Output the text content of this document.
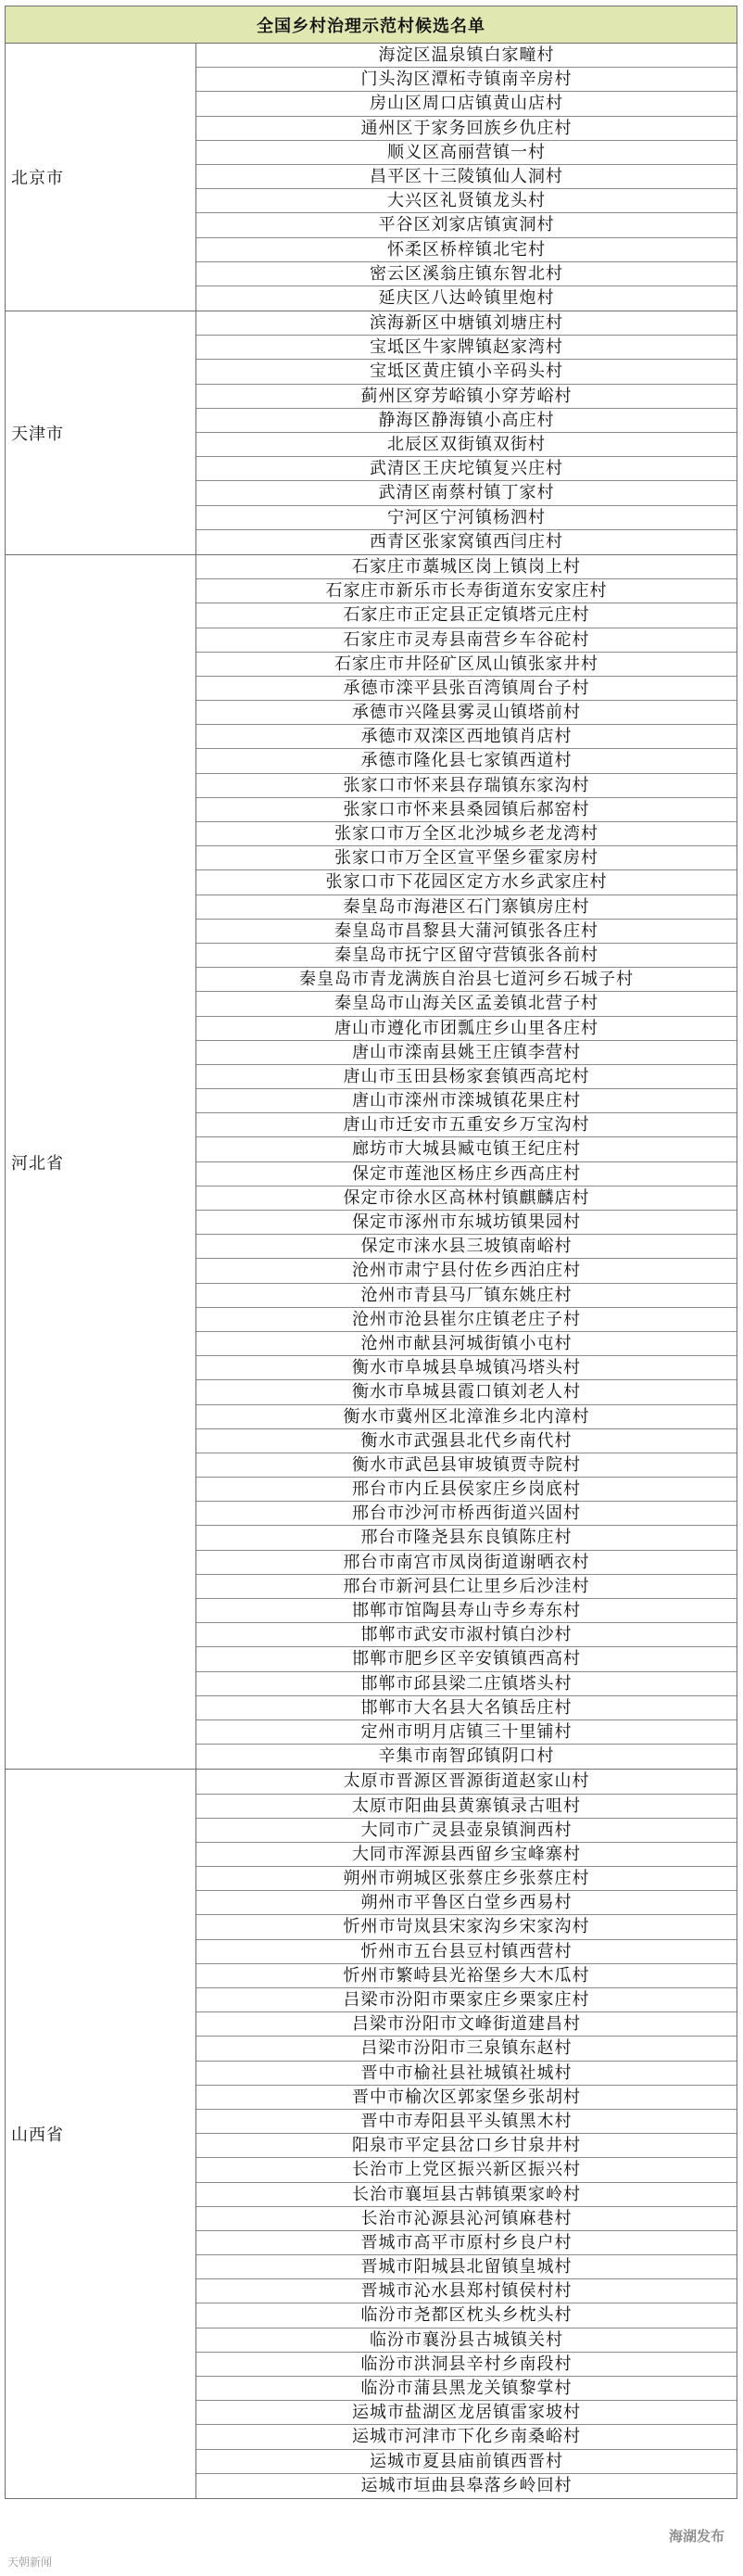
全国乡村治理示范村候选名单
北京市
海淀区温泉镇白家疃村
门头沟区潭柘寺镇南辛房村
房山区周口店镇黄山店村
通州区于家务回族乡仇庄村
顺义区高丽营镇一村
昌平区十三陵镇仙人洞村
大兴区礼贤镇龙头村
平谷区刘家店镇寅洞村
怀柔区桥梓镇北宅村
密云区溪翁庄镇东智北村
延庆区八达岭镇里炮村
天津市
滨海新区中塘镇刘塘庄村
宝坻区牛家牌镇赵家湾村
宝坻区黄庄镇小辛码头村
蓟州区穿芳峪镇小穿芳峪村
静海区静海镇小高庄村
北辰区双街镇双街村
武清区王庆坨镇复兴庄村
武清区南蔡村镇丁家村
宁河区宁河镇杨泗村
西青区张家窝镇西闫庄村
河北省
石家庄市藁城区岗上镇岗上村
石家庄市新乐市长寿街道东安家庄村
石家庄市正定县正定镇塔元庄村
石家庄市灵寿县南营乡车谷砣村
石家庄市井陉矿区凤山镇张家井村
承德市滦平县张百湾镇周台子村
承德市兴隆县雾灵山镇塔前村
承德市双滦区西地镇肖店村
承德市隆化县七家镇西道村
张家口市怀来县存瑞镇东家沟村
张家口市怀来县桑园镇后郝窑村
张家口市万全区北沙城乡老龙湾村
张家口市万全区宣平堡乡霍家房村
张家口市下花园区定方水乡武家庄村
秦皇岛市海港区石门寨镇房庄村
秦皇岛市昌黎县大蒲河镇张各庄村
秦皇岛市抚宁区留守营镇张各前村
秦皇岛市青龙满族自治县七道河乡石城子村
秦皇岛市山海关区孟姜镇北营子村
唐山市遵化市团瓢庄乡山里各庄村
唐山市滦南县姚王庄镇李营村
唐山市玉田县杨家套镇西高坨村
唐山市滦州市滦城镇花果庄村
唐山市迁安市五重安乡万宝沟村
廊坊市大城县臧屯镇王纪庄村
保定市莲池区杨庄乡西高庄村
保定市徐水区高林村镇麒麟店村
保定市涿州市东城坊镇果园村
保定市涞水县三坡镇南峪村
沧州市肃宁县付佐乡西泊庄村
沧州市青县马厂镇东姚庄村
沧州市沧县崔尔庄镇老庄子村
沧州市献县河城街镇小屯村
衡水市阜城县阜城镇冯塔头村
衡水市阜城县霞口镇刘老人村
衡水市冀州区北漳淮乡北内漳村
衡水市武强县北代乡南代村
衡水市武邑县审坡镇贾寺院村
邢台市内丘县侯家庄乡岗底村
邢台市沙河市桥西街道兴固村
邢台市隆尧县东良镇陈庄村
邢台市南宫市凤岗街道谢晒衣村
邢台市新河县仁让里乡后沙洼村
邯郸市馆陶县寿山寺乡寿东村
邯郸市武安市淑村镇白沙村
邯郸市肥乡区辛安镇镇西高村
邯郸市邱县梁二庄镇塔头村
邯郸市大名县大名镇岳庄村
定州市明月店镇三十里铺村
辛集市南智邱镇阴口村
山西省
太原市晋源区晋源街道赵家山村
太原市阳曲县黄寨镇录古咀村
大同市广灵县壶泉镇涧西村
大同市浑源县西留乡宝峰寨村
朔州市朔城区张蔡庄乡张蔡庄村
朔州市平鲁区白堂乡西易村
忻州市岢岚县宋家沟乡宋家沟村
忻州市五台县豆村镇西营村
忻州市繁峙县光裕堡乡大木瓜村
吕梁市汾阳市栗家庄乡栗家庄村
吕梁市汾阳市文峰街道建昌村
吕梁市汾阳市三泉镇东赵村
晋中市榆社县社城镇社城村
晋中市榆次区郭家堡乡张胡村
晋中市寿阳县平头镇黑木村
阳泉市平定县岔口乡甘泉井村
长治市上党区振兴新区振兴村
长治市襄垣县古韩镇栗家岭村
长治市沁源县沁河镇麻巷村
晋城市高平市原村乡良户村
晋城市阳城县北留镇皇城村
晋城市沁水县郑村镇侯村村
临汾市尧都区枕头乡枕头村
临汾市襄汾县古城镇关村
临汾市洪洞县辛村乡南段村
临汾市蒲县黑龙关镇黎掌村
运城市盐湖区龙居镇雷家坡村
运城市河津市下化乡南桑峪村
运城市夏县庙前镇西晋村
运城市垣曲县皋落乡岭回村
天朝新闻
海湖发布
